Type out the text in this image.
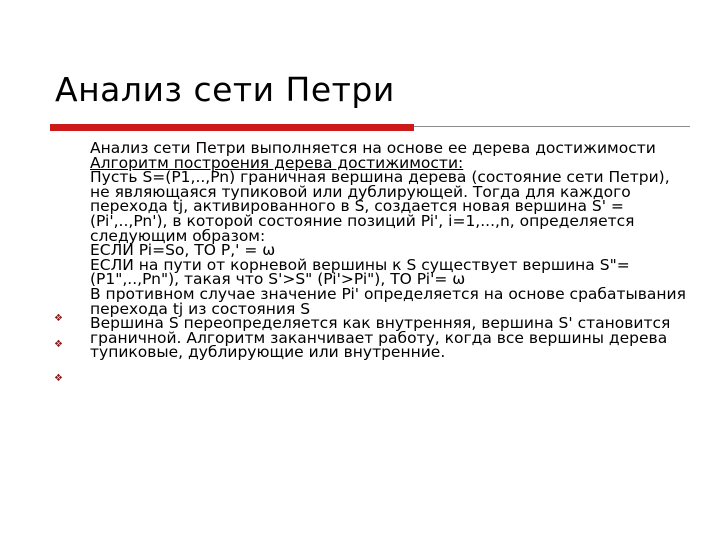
Анализ сети Петри
❖
❖
❖

Анализ сети Петри выполняется на основе ее дерева достижимости

Алгоритм построения дерева достижимости:

Пусть S=(P1,..,Pn) граничная вершина дерева (состояние сети Петри), не являющаяся тупиковой или дублирующей. Тогда для каждого перехода tj, активированного в S, создается новая вершина S' =(Pi',..,Pn'), в которой состояние позиций Pi', i=1,...,n, определяется следующим образом:

ЕСЛИ Pi=Sо, ТО P,' = ω

ЕСЛИ на пути от корневой вершины к S существует вершина S"=(P1",..,Pn"), такая что S'>S" (Pi'>Pi"), ТО Pi'= ω

В противном случае значение Pi' определяется на основе срабатывания перехода tj из состояния S

Вершина S переопределяется как внутренняя, вершина S' становится граничной. Алгоритм заканчивает работу, когда все вершины дерева тупиковые, дублирующие или внутренние.
